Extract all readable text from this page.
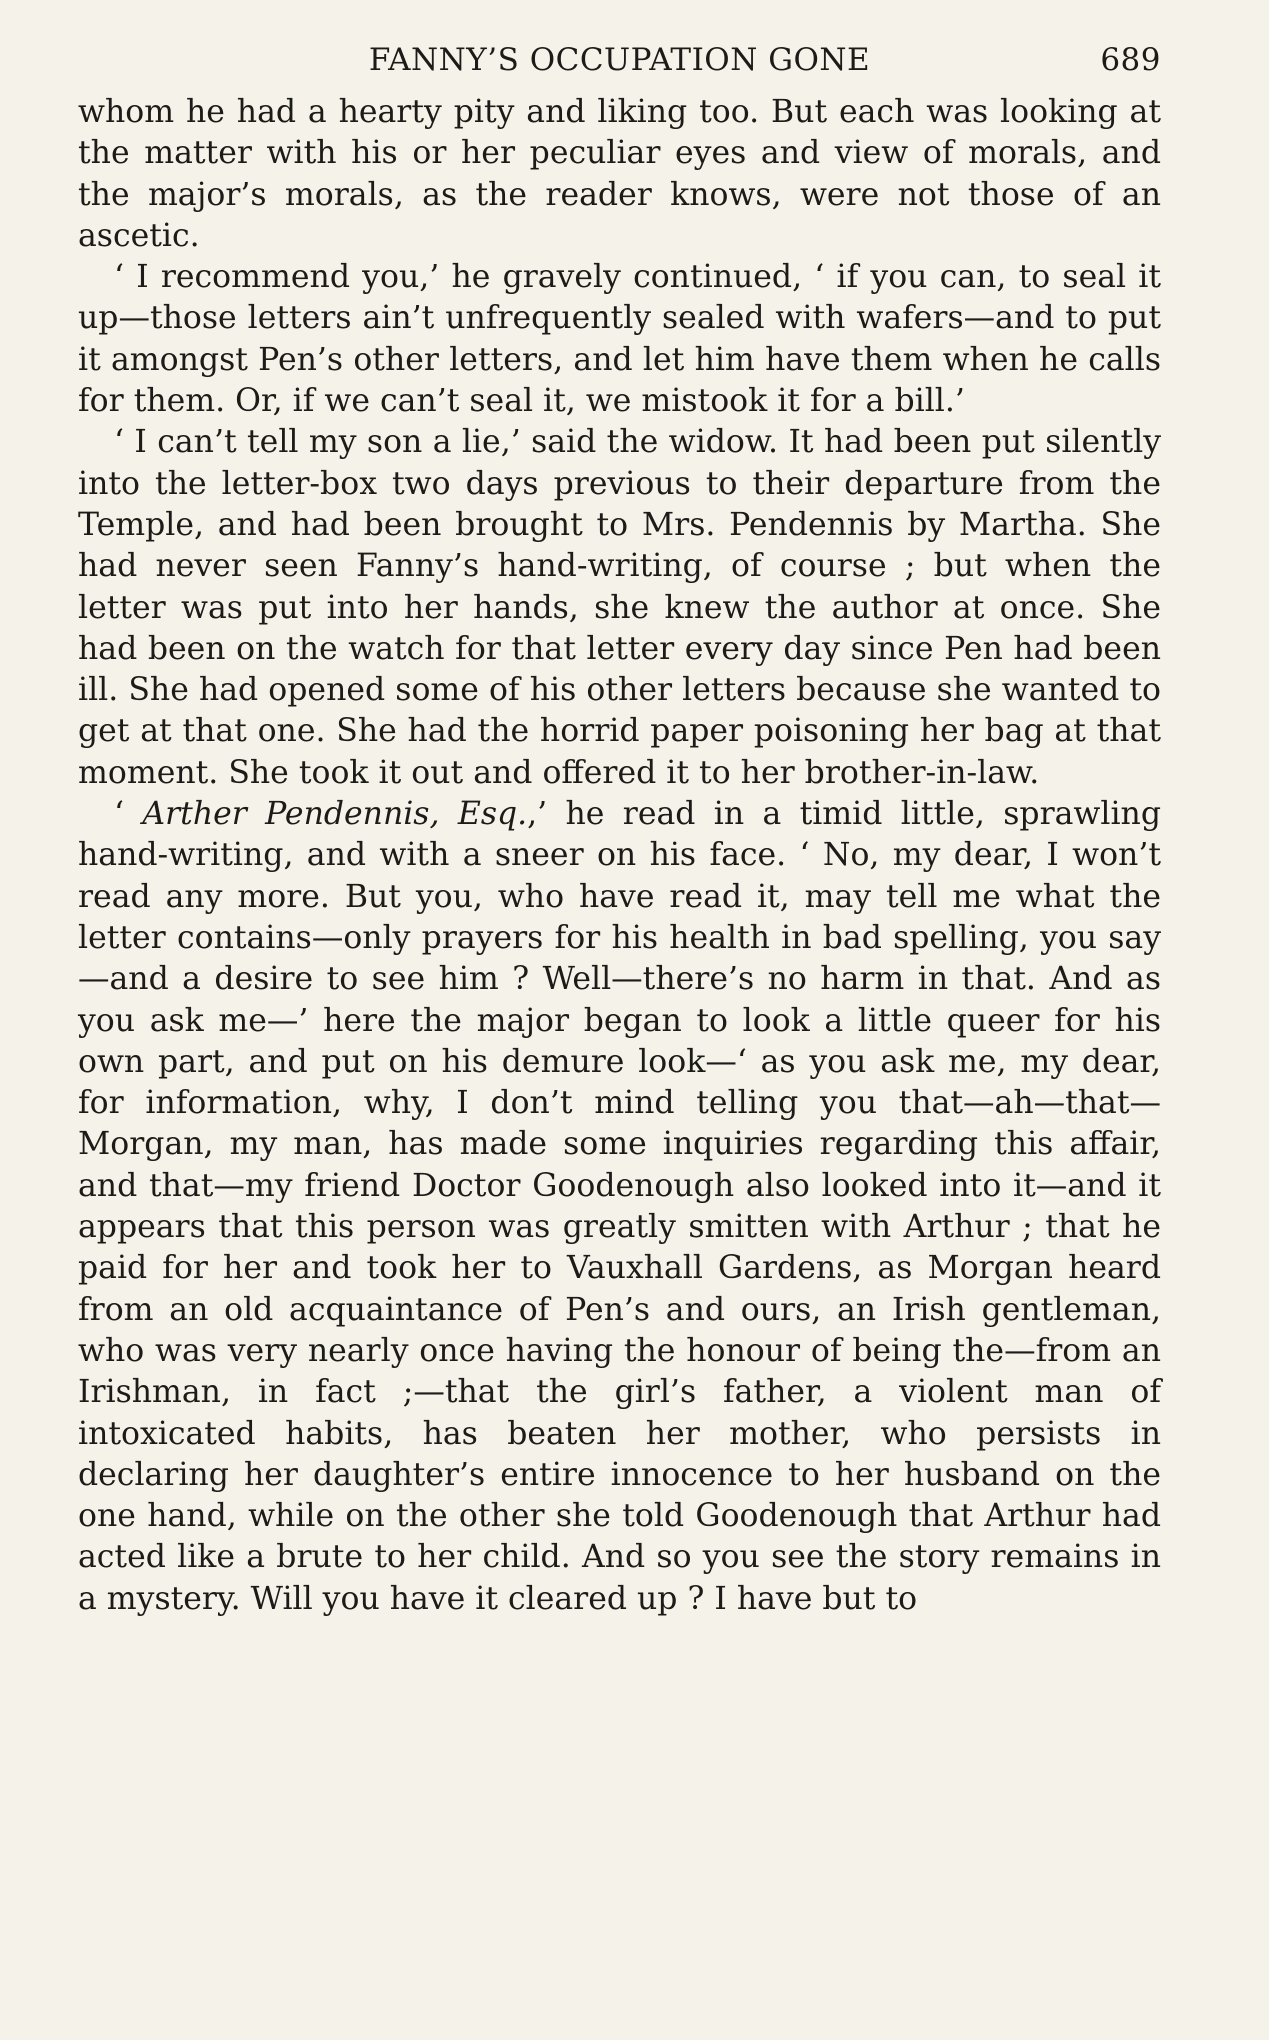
FANNY’S OCCUPATION GONE	689

whom he had a hearty pity and liking too. But each was looking at the matter with his or her peculiar eyes and view of morals, and the major’s morals, as the reader knows, were not those of an ascetic.

‘ I recommend you,’ he gravely continued, ‘ if you can, to seal it up—those letters ain’t unfrequently sealed with wafers—and to put it amongst Pen’s other letters, and let him have them when he calls for them. Or, if we can’t seal it, we mistook it for a bill.’

‘ I can’t tell my son a lie,’ said the widow. It had been put silently into the letter-box two days previous to their departure from the Temple, and had been brought to Mrs. Pendennis by Martha. She had never seen Fanny’s hand-writing, of course ; but when the letter was put into her hands, she knew the author at once. She had been on the watch for that letter every day since Pen had been ill. She had opened some of his other letters because she wanted to get at that one. She had the horrid paper poisoning her bag at that moment. She took it out and offered it to her brother-in-law.

‘ Arther Pendennis, Esq.,’ he read in a timid little, sprawling hand-writing, and with a sneer on his face. ‘ No, my dear, I won’t read any more. But you, who have read it, may tell me what the letter contains—only prayers for his health in bad spelling, you say—and a desire to see him ? Well—there’s no harm in that. And as you ask me—’ here the major began to look a little queer for his own part, and put on his demure look—‘ as you ask me, my dear, for information, why, I don’t mind telling you that—ah—that—Morgan, my man, has made some inquiries regarding this affair, and that—my friend Doctor Goodenough also looked into it—and it appears that this person was greatly smitten with Arthur ; that he paid for her and took her to Vauxhall Gardens, as Morgan heard from an old acquaintance of Pen’s and ours, an Irish gentleman, who was very nearly once having the honour of being the—from an Irishman, in fact ;—that the girl’s father, a violent man of intoxicated habits, has beaten her mother, who persists in declaring her daughter’s entire innocence to her husband on the one hand, while on the other she told Goodenough that Arthur had acted like a brute to her child. And so you see the story remains in a mystery. Will you have it cleared up ? I have but to
